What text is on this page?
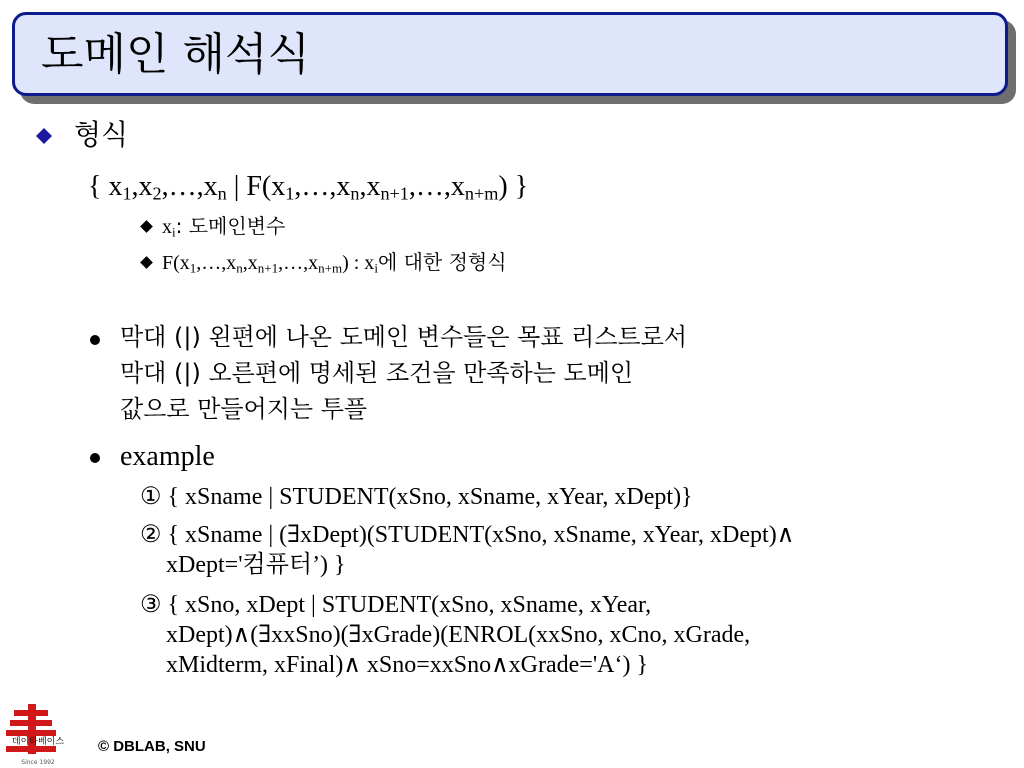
도메인 해석식
형식
{ $x_1,x_2,\dots,x_n$ | $F(x_1,\dots,x_n,x_{n+1},\dots,x_{n+m})$ }
$x_i$: 도메인변수
$F(x_1,\dots,x_n,x_{n+1},\dots,x_{n+m})$ : $x_i$에 대한 정형식
막대 (|) 왼편에 나온 도메인 변수들은 목표 리스트로서
막대 (|) 오른편에 명세된 조건을 만족하는 도메인
값으로 만들어지는 투플
example
① { xSname | STUDENT(xSno, xSname, xYear, xDept)}
② { xSname | (∃xDept)(STUDENT(xSno, xSname, xYear, xDept)∧
xDept='컴퓨터’) }
③ { xSno, xDept | STUDENT(xSno, xSname, xYear,
xDept)∧(∃xxSno)(∃xGrade)(ENROL(xxSno, xCno, xGrade,
xMidterm, xFinal)∧ xSno=xxSno∧xGrade='A‘) }
데이타베이스
Since 1992
© DBLAB, SNU
